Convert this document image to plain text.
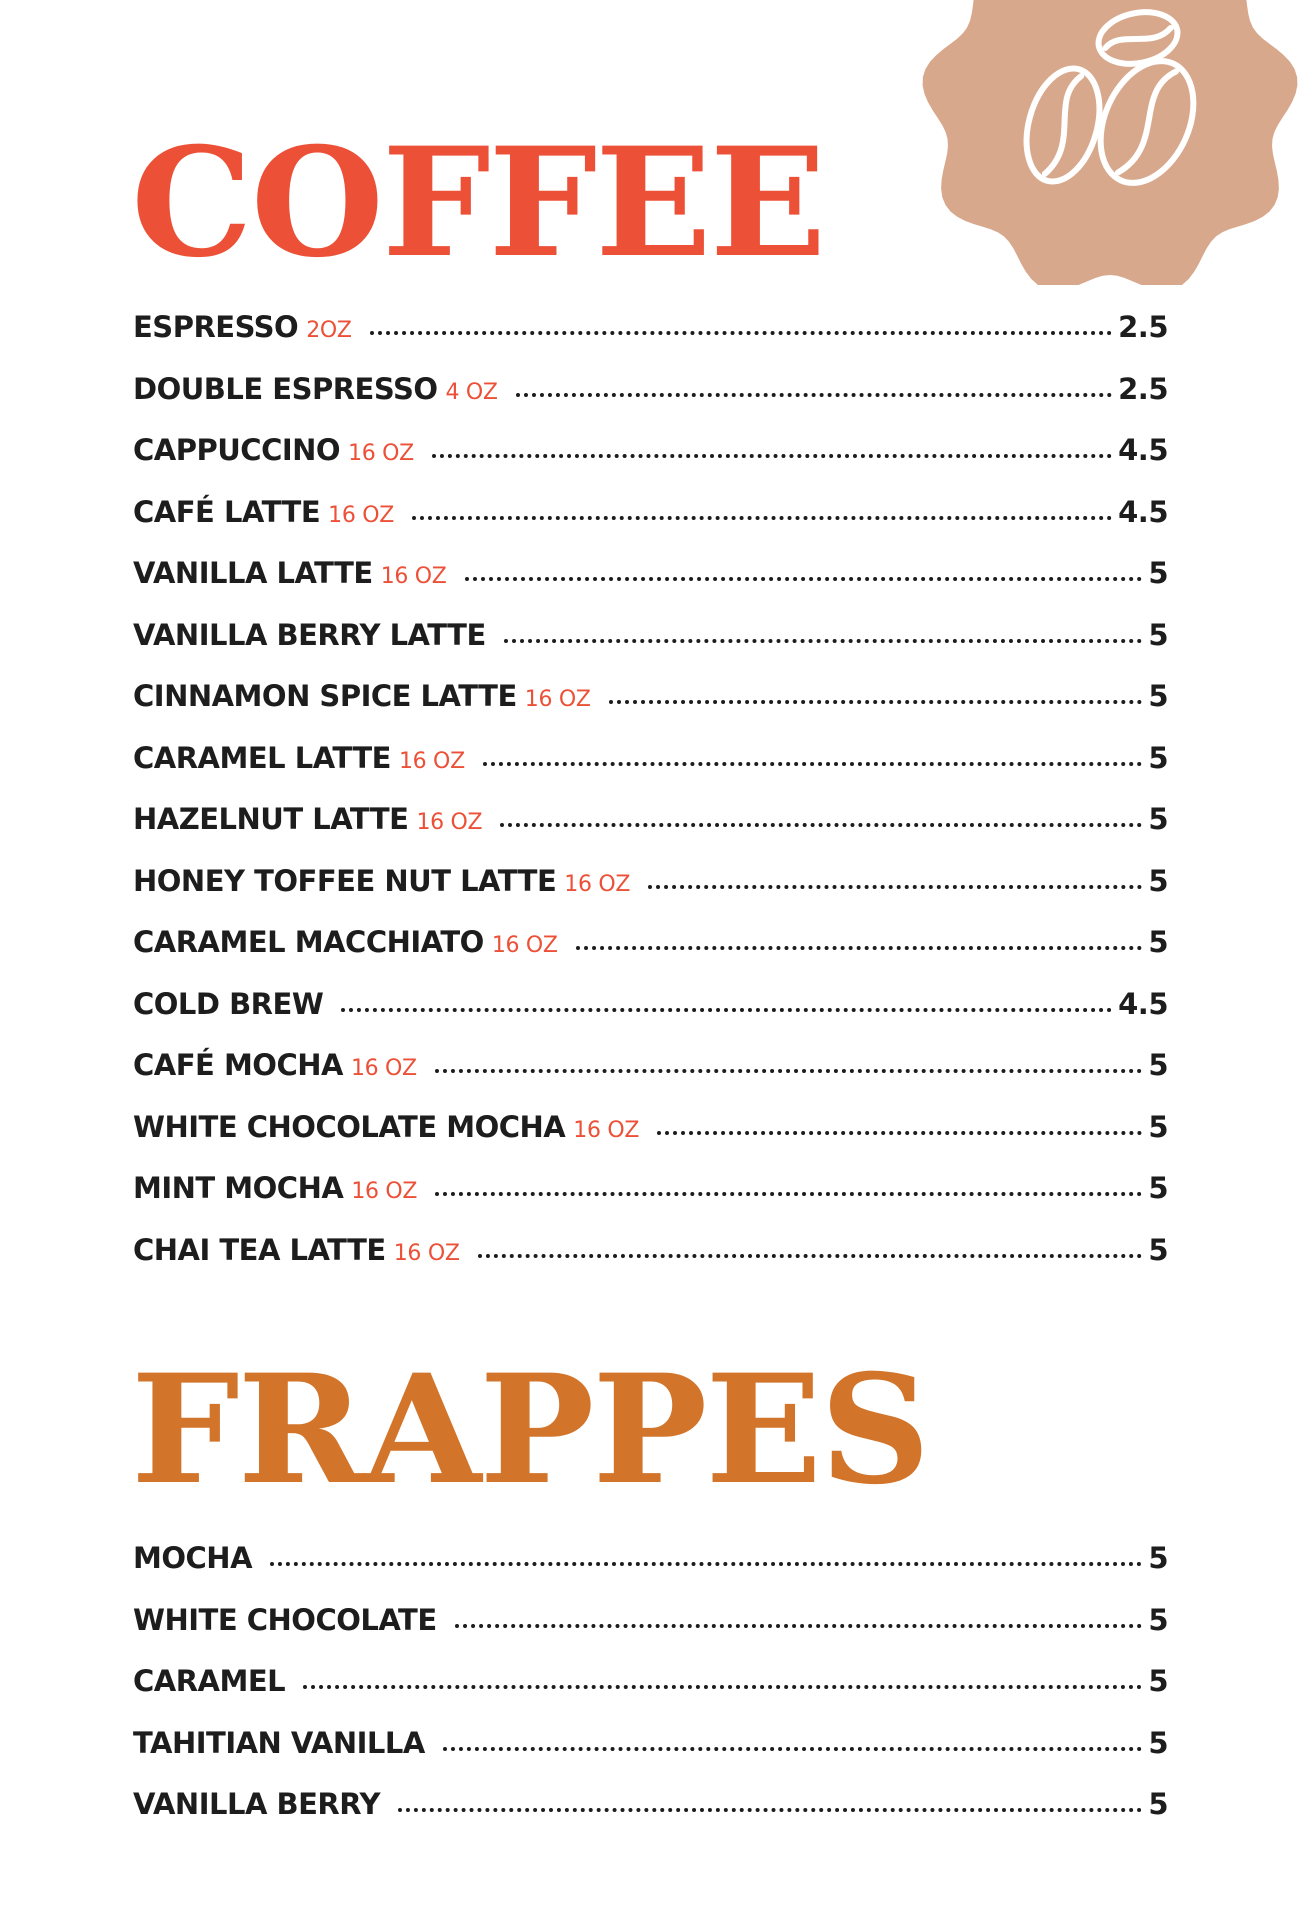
COFFEE
ESPRESSO 2OZ	2.5
DOUBLE ESPRESSO 4 OZ	2.5
CAPPUCCINO 16 OZ	4.5
CAFÉ LATTE 16 OZ	4.5
VANILLA LATTE 16 OZ	5
VANILLA BERRY LATTE	5
CINNAMON SPICE LATTE 16 OZ	5
CARAMEL LATTE 16 OZ	5
HAZELNUT LATTE 16 OZ	5
HONEY TOFFEE NUT LATTE 16 OZ	5
CARAMEL MACCHIATO 16 OZ	5
COLD BREW	4.5
CAFÉ MOCHA 16 OZ	5
WHITE CHOCOLATE MOCHA 16 OZ	5
MINT MOCHA 16 OZ	5
CHAI TEA LATTE 16 OZ	5
FRAPPES
MOCHA	5
WHITE CHOCOLATE	5
CARAMEL	5
TAHITIAN VANILLA	5
VANILLA BERRY	5
